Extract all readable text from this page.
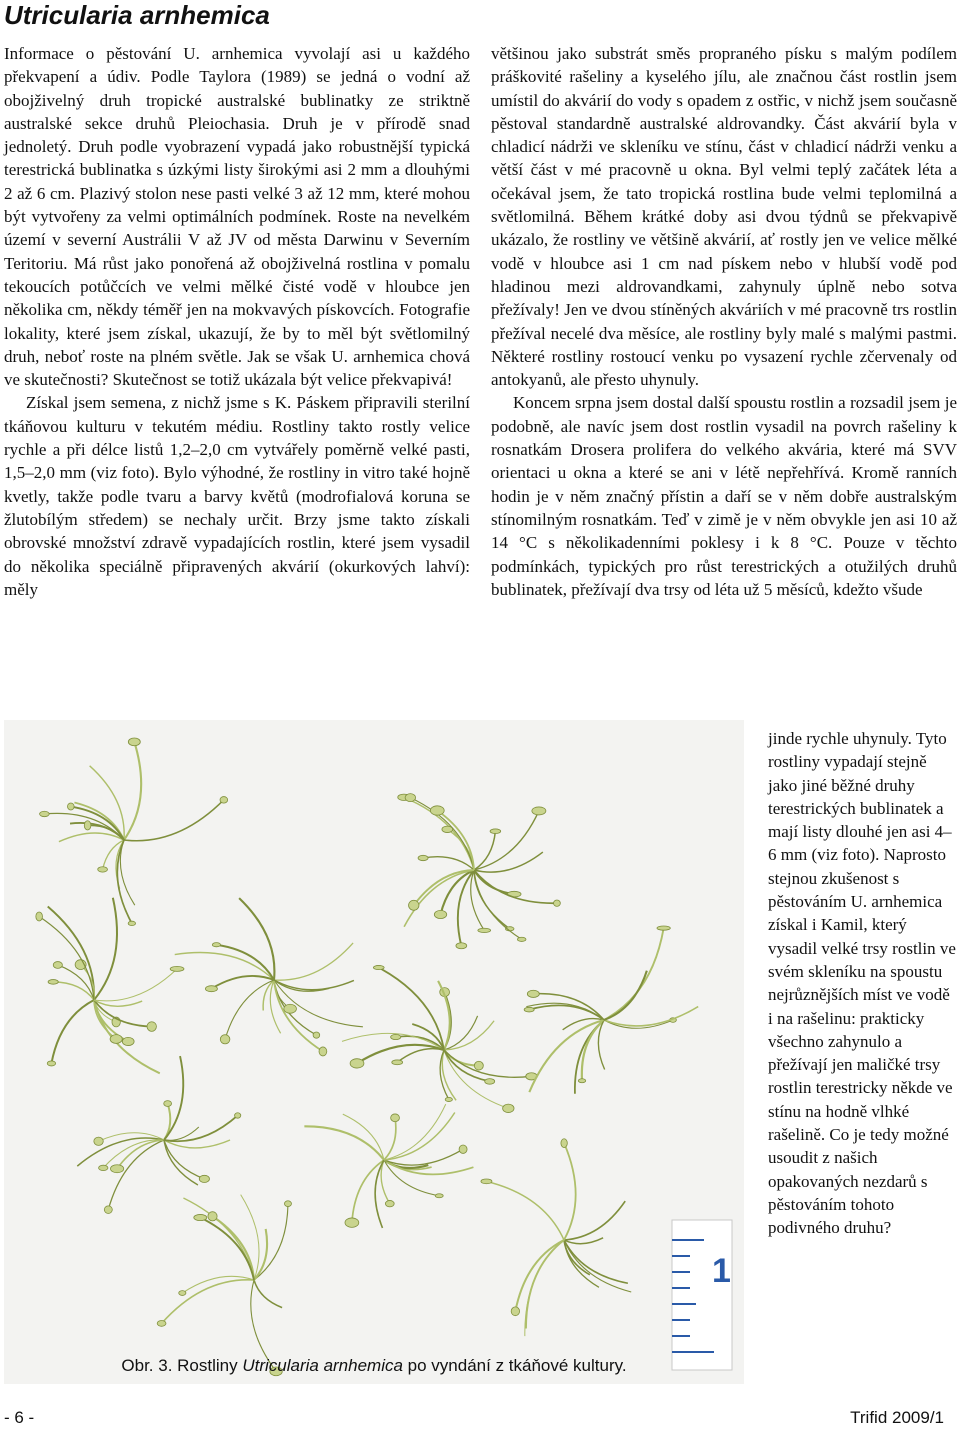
Utricularia arnhemica

Informace o pěstování U. arnhemica vyvolají asi u každého překvapení a údiv. Podle Taylora (1989) se jedná o vodní až obojživelný druh tropické australské bublinatky ze striktně australské sekce druhů Pleiochasia. Druh je v přírodě snad jednoletý. Druh podle vyobrazení vypadá jako robustnější typická terestrická bublinatka s úzkými listy širokými asi 2 mm a dlouhými 2 až 6 cm. Plazivý stolon nese pasti velké 3 až 12 mm, které mohou být vytvořeny za velmi optimálních podmínek. Roste na nevelkém území v severní Austrálii V až JV od města Darwinu v Severním Teritoriu. Má růst jako ponořená až obojživelná rostlina v pomalu tekoucích potůčcích ve velmi mělké čisté vodě v hloubce jen několika cm, někdy téměř jen na mokvavých pískovcích. Fotografie lokality, které jsem získal, ukazují, že by to měl být světlomilný druh, neboť roste na plném světle. Jak se však U. arnhemica chová ve skutečnosti? Skutečnost se totiž ukázala být velice překvapivá!

Získal jsem semena, z nichž jsme s K. Páskem připravili sterilní tkáňovou kulturu v tekutém médiu. Rostliny takto rostly velice rychle a při délce listů 1,2–2,0 cm vytvářely poměrně velké pasti, 1,5–2,0 mm (viz foto). Bylo výhodné, že rostliny in vitro také hojně kvetly, takže podle tvaru a barvy květů (modrofialová koruna se žlutobílým středem) se nechaly určit. Brzy jsme takto získali obrovské množství zdravě vypadajících rostlin, které jsem vysadil do několika speciálně připravených akvárií (okurkových lahví): měly

většinou jako substrát směs propraného písku s malým podílem práškovité rašeliny a kyselého jílu, ale značnou část rostlin jsem umístil do akvárií do vody s opadem z ostřic, v nichž jsem současně pěstoval standardně australské aldrovandky. Část akvárií byla v chladicí nádrži ve skleníku ve stínu, část v chladicí nádrži venku a větší část v mé pracovně u okna. Byl velmi teplý začátek léta a očekával jsem, že tato tropická rostlina bude velmi teplomilná a světlomilná. Během krátké doby asi dvou týdnů se překvapivě ukázalo, že rostliny ve většině akvárií, ať rostly jen ve velice mělké vodě v hloubce asi 1 cm nad pískem nebo v hlubší vodě pod hladinou mezi aldrovandkami, zahynuly úplně nebo sotva přežívaly! Jen ve dvou stíněných akváriích v mé pracovně trs rostlin přežíval necelé dva měsíce, ale rostliny byly malé s malými pastmi. Některé rostliny rostoucí venku po vysazení rychle zčervenaly od antokyanů, ale přesto uhynuly.

Koncem srpna jsem dostal další spoustu rostlin a rozsadil jsem je podobně, ale navíc jsem dost rostlin vysadil na povrch rašeliny k rosnatkám Drosera prolifera do velkého akvária, které má SVV orientaci u okna a které se ani v létě nepřehřívá. Kromě ranních hodin je v něm značný přístin a daří se v něm dobře australským stínomilným rosnatkám. Teď v zimě je v něm obvykle jen asi 10 až 14 °C s několikadenními poklesy i k 8 °C. Pouze v těchto podmínkách, typických pro růst terestrických a otužilých druhů bublinatek, přežívají dva trsy od léta už 5 měsíců, kdežto všude

jinde rychle uhynuly. Tyto rostliny vypadají stejně jako jiné běžné druhy terestrických bublinatek a mají listy dlouhé jen asi 4–6 mm (viz foto). Naprosto stejnou zkušenost s pěstováním U. arnhemica získal i Kamil, který vysadil velké trsy rostlin ve svém skleníku na spoustu nejrůznějších míst ve vodě i na rašelinu: prakticky všechno zahynulo a přežívají jen maličké trsy rostlin terestricky někde ve stínu na hodně vlhké rašelině. Co je tedy možné usoudit z našich opakovaných nezdarů s pěstováním tohoto podivného druhu?

1
Obr. 3. Rostliny Utricularia arnhemica po vyndání z tkáňové kultury.
- 6 -	Trifid 2009/1
